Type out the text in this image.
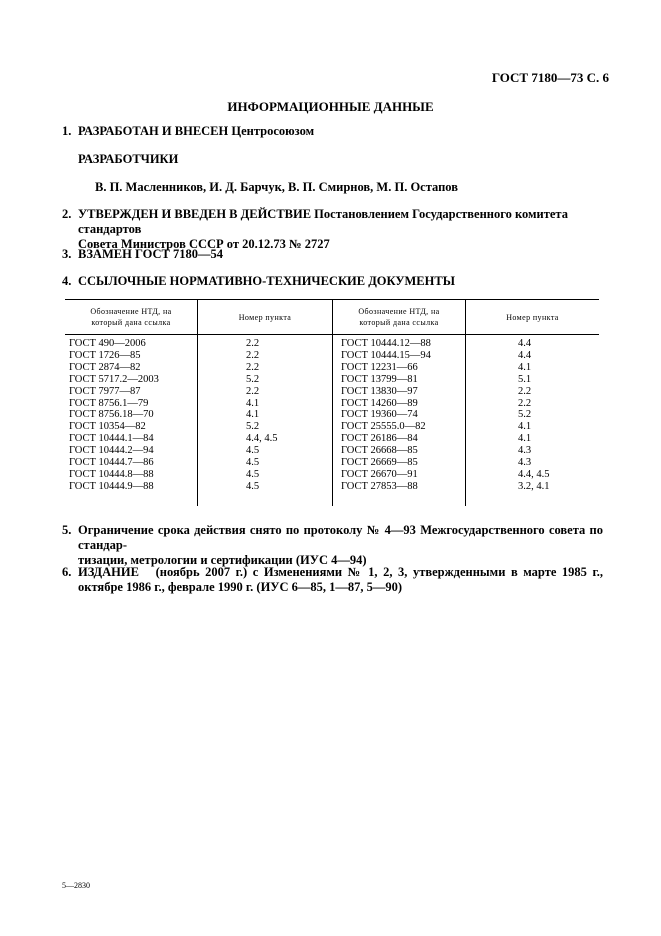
ГОСТ 7180—73 С. 6
ИНФОРМАЦИОННЫЕ ДАННЫЕ
1. РАЗРАБОТАН И ВНЕСЕН Центросоюзом
РАЗРАБОТЧИКИ
В. П. Масленников, И. Д. Барчук, В. П. Смирнов, М. П. Остапов
2. УТВЕРЖДЕН И ВВЕДЕН В ДЕЙСТВИЕ Постановлением Государственного комитета стандартов
Совета Министров СССР от 20.12.73 № 2727
3. ВЗАМЕН ГОСТ 7180—54
4. ССЫЛОЧНЫЕ НОРМАТИВНО-ТЕХНИЧЕСКИЕ ДОКУМЕНТЫ
Обозначение НТД, на
который дана ссылка
Номер пункта
Обозначение НТД, на
который дана ссылка
Номер пункта
ГОСТ 490—2006
ГОСТ 1726—85
ГОСТ 2874—82
ГОСТ 5717.2—2003
ГОСТ 7977—87
ГОСТ 8756.1—79
ГОСТ 8756.18—70
ГОСТ 10354—82
ГОСТ 10444.1—84
ГОСТ 10444.2—94
ГОСТ 10444.7—86
ГОСТ 10444.8—88
ГОСТ 10444.9—88
2.2
2.2
2.2
5.2
2.2
4.1
4.1
5.2
4.4, 4.5
4.5
4.5
4.5
4.5
ГОСТ 10444.12—88
ГОСТ 10444.15—94
ГОСТ 12231—66
ГОСТ 13799—81
ГОСТ 13830—97
ГОСТ 14260—89
ГОСТ 19360—74
ГОСТ 25555.0—82
ГОСТ 26186—84
ГОСТ 26668—85
ГОСТ 26669—85
ГОСТ 26670—91
ГОСТ 27853—88
4.4
4.4
4.1
5.1
2.2
2.2
5.2
4.1
4.1
4.3
4.3
4.4, 4.5
3.2, 4.1
5. Ограничение срока действия снято по протоколу № 4—93 Межгосударственного совета по стандар-
тизации, метрологии и сертификации (ИУС 4—94)
6. ИЗДАНИЕ (ноябрь 2007 г.) с Изменениями № 1, 2, 3, утвержденными в марте 1985 г.,
октябре 1986 г., феврале 1990 г. (ИУС 6—85, 1—87, 5—90)
5—2830
